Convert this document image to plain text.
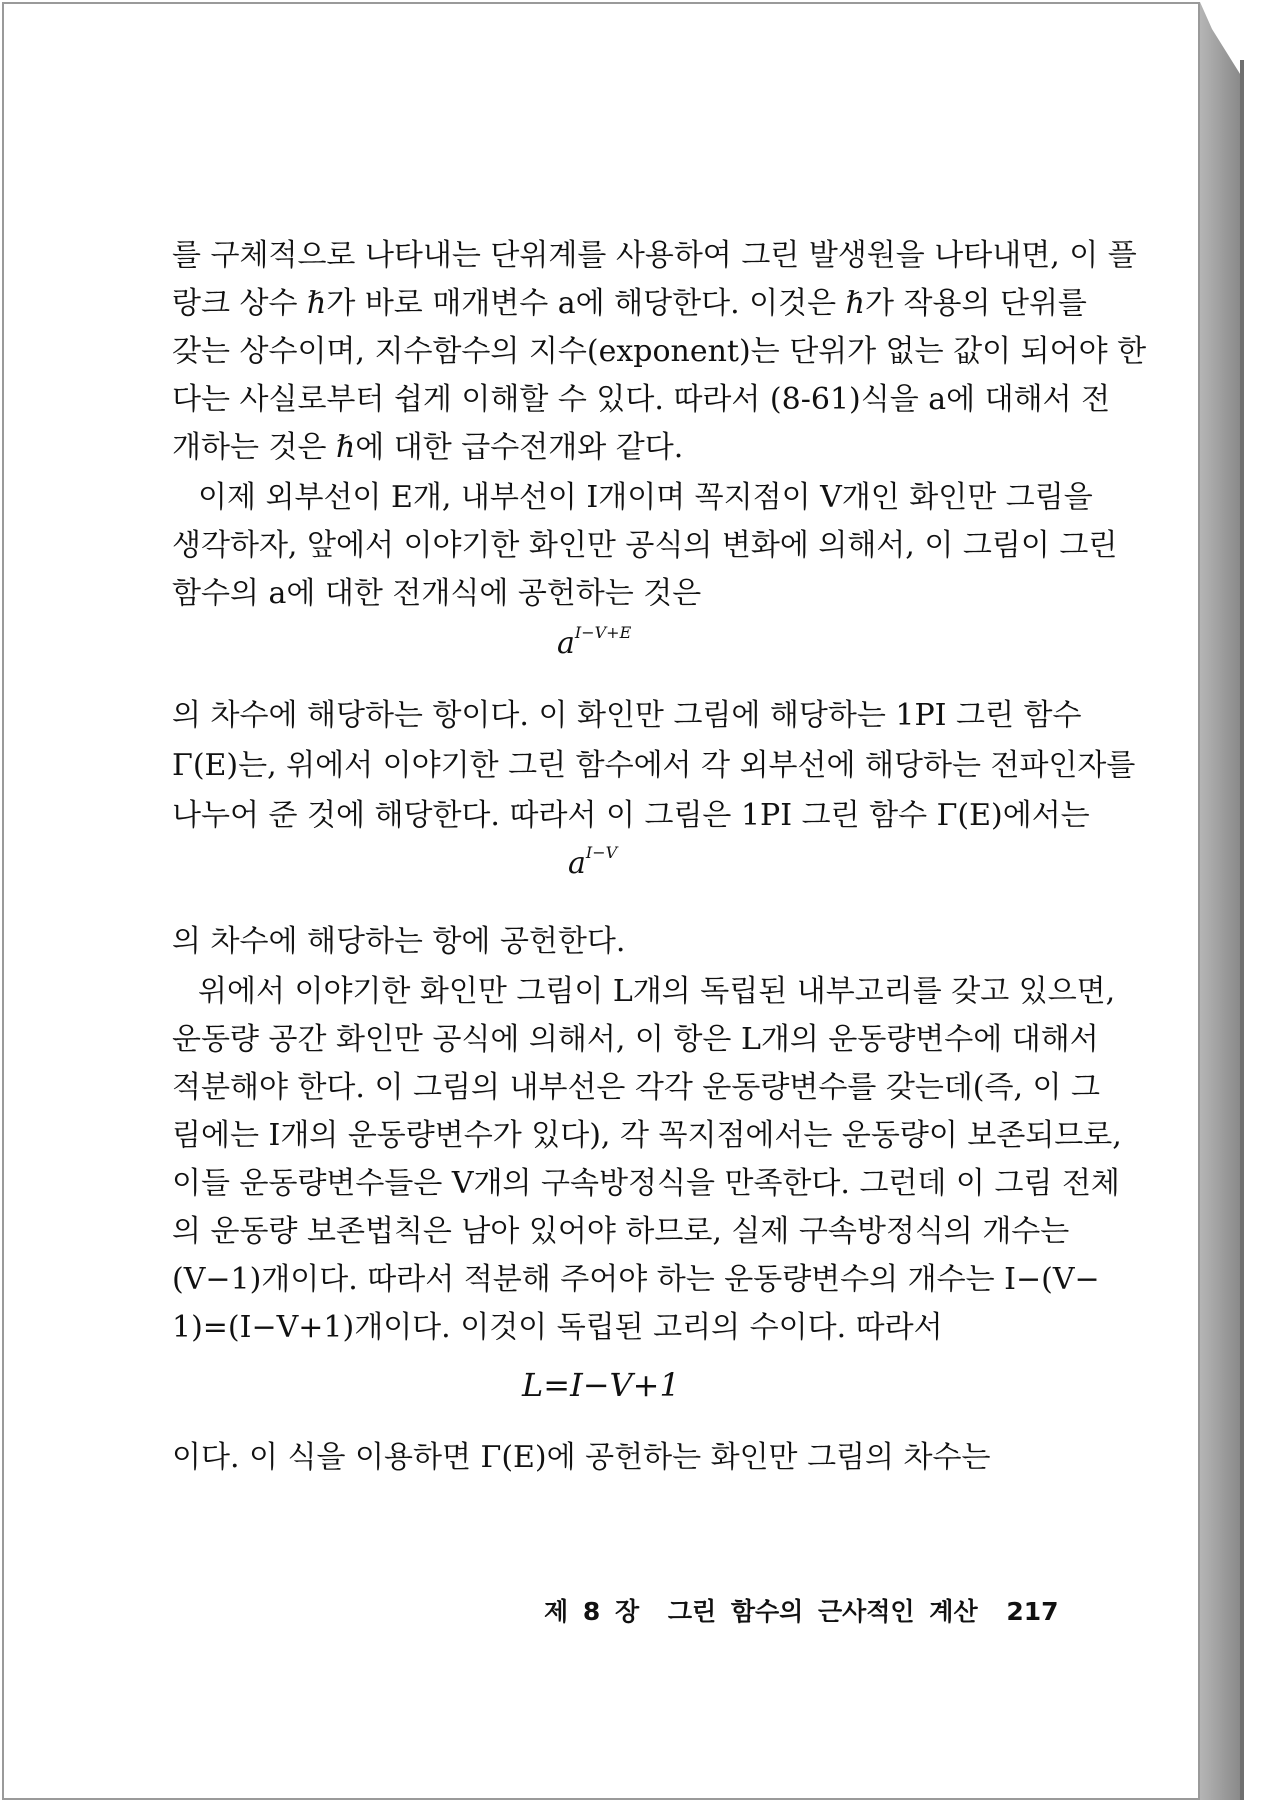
를 구체적으로 나타내는 단위계를 사용하여 그린 발생원을 나타내면, 이 플
랑크 상수 ℏ가 바로 매개변수 a에 해당한다. 이것은 ℏ가 작용의 단위를
갖는 상수이며, 지수함수의 지수(exponent)는 단위가 없는 값이 되어야 한
다는 사실로부터 쉽게 이해할 수 있다. 따라서 (8-61)식을 a에 대해서 전
개하는 것은 ℏ에 대한 급수전개와 같다.
이제 외부선이 E개, 내부선이 I개이며 꼭지점이 V개인 화인만 그림을
생각하자, 앞에서 이야기한 화인만 공식의 변화에 의해서, 이 그림이 그린
함수의 a에 대한 전개식에 공헌하는 것은
$a^{I-V+E}$
의 차수에 해당하는 항이다. 이 화인만 그림에 해당하는 1PI 그린 함수
Γ(E)는, 위에서 이야기한 그린 함수에서 각 외부선에 해당하는 전파인자를
나누어 준 것에 해당한다. 따라서 이 그림은 1PI 그린 함수 Γ(E)에서는
$a^{I-V}$
의 차수에 해당하는 항에 공헌한다.
위에서 이야기한 화인만 그림이 L개의 독립된 내부고리를 갖고 있으면,
운동량 공간 화인만 공식에 의해서, 이 항은 L개의 운동량변수에 대해서
적분해야 한다. 이 그림의 내부선은 각각 운동량변수를 갖는데(즉, 이 그
림에는 I개의 운동량변수가 있다), 각 꼭지점에서는 운동량이 보존되므로,
이들 운동량변수들은 V개의 구속방정식을 만족한다. 그런데 이 그림 전체
의 운동량 보존법칙은 남아 있어야 하므로, 실제 구속방정식의 개수는
(V−1)개이다. 따라서 적분해 주어야 하는 운동량변수의 개수는 I−(V−
1)=(I−V+1)개이다. 이것이 독립된 고리의 수이다. 따라서
L=I−V+1
이다. 이 식을 이용하면 Γ(E)에 공헌하는 화인만 그림의 차수는
제 8 장 그린 함수의 근사적인 계산 217
